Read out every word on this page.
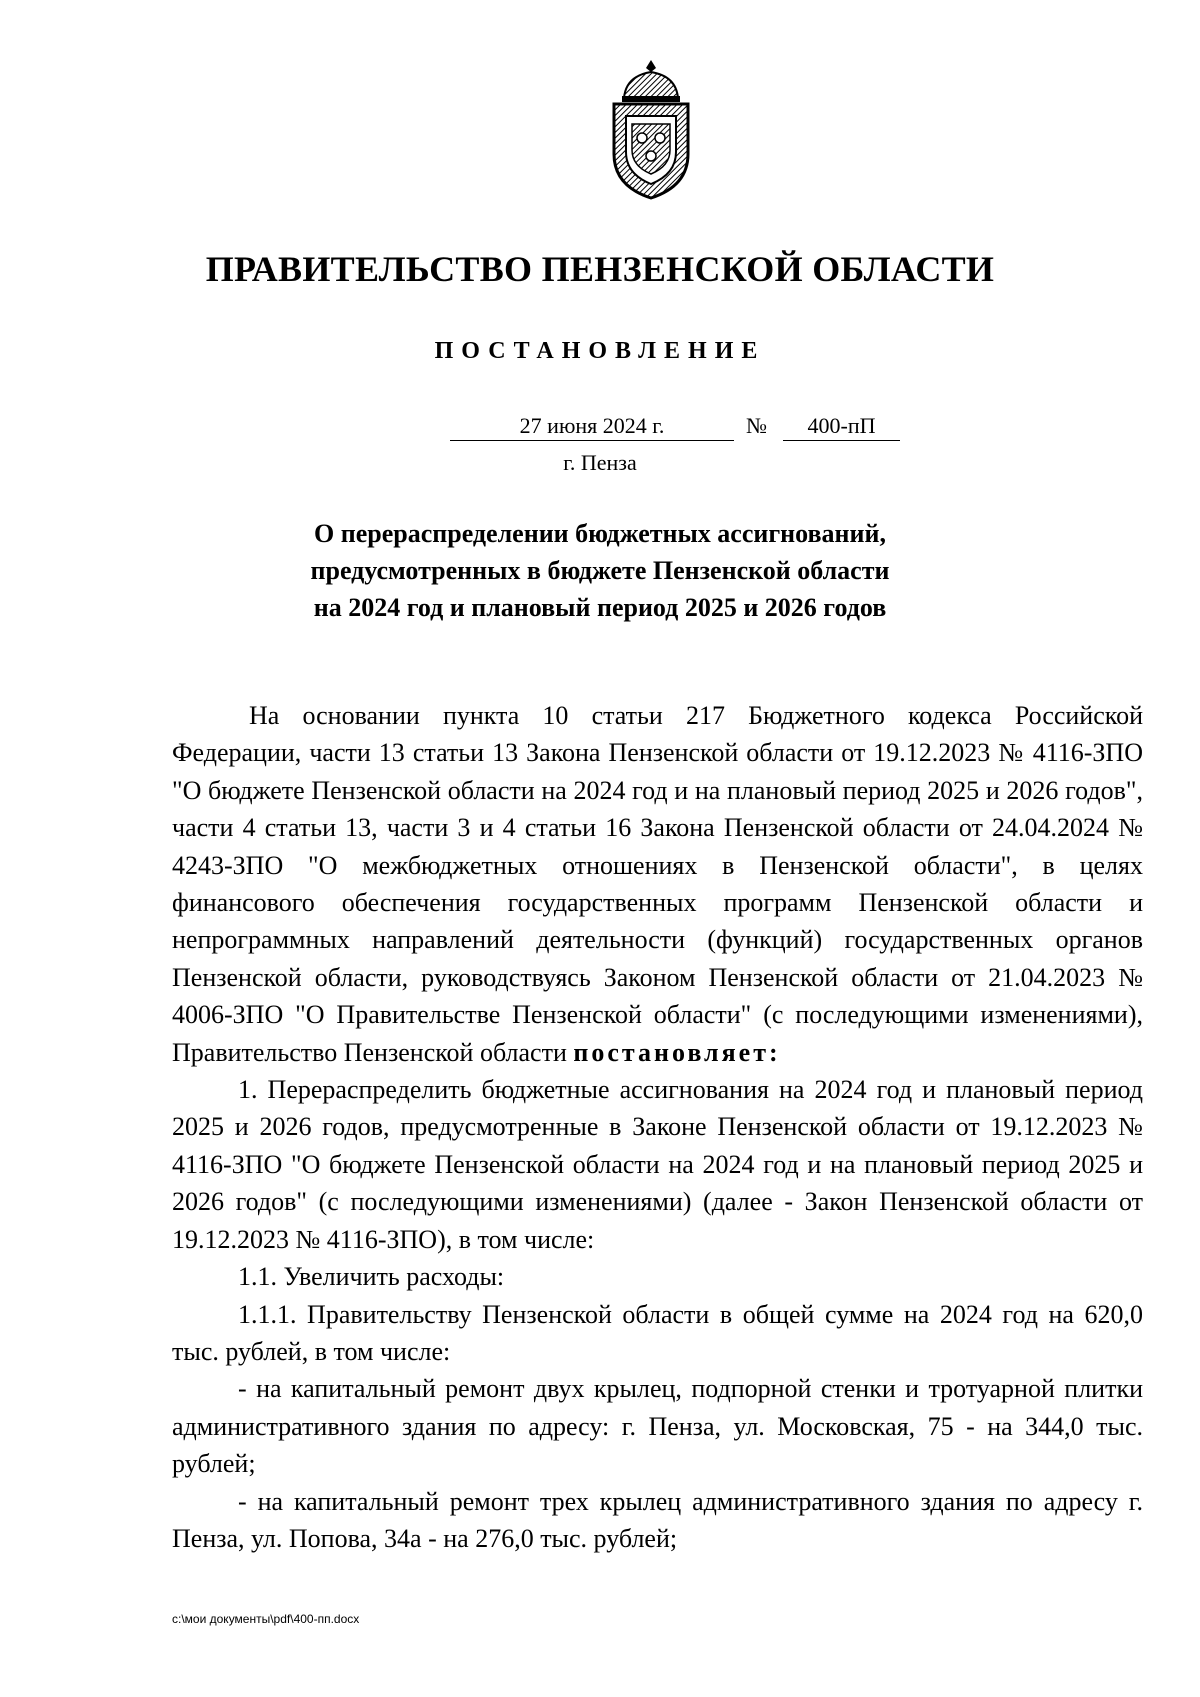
ПРАВИТЕЛЬСТВО ПЕНЗЕНСКОЙ ОБЛАСТИ
ПОСТАНОВЛЕНИЕ
27 июня 2024 г.	№	400-пП
г. Пенза
О перераспределении бюджетных ассигнований,
предусмотренных в бюджете Пензенской области
на 2024 год и плановый период 2025 и 2026 годов

На основании пункта 10 статьи 217 Бюджетного кодекса Российской Федерации, части 13 статьи 13 Закона Пензенской области от 19.12.2023 № 4116-ЗПО "О бюджете Пензенской области на 2024 год и на плановый период 2025 и 2026 годов", части 4 статьи 13, части 3 и 4 статьи 16 Закона Пензенской области от 24.04.2024 № 4243-ЗПО "О межбюджетных отношениях в Пензенской области", в целях финансового обеспечения государственных программ Пензенской области и непрограммных направлений деятельности (функций) государственных органов Пензенской области, руководствуясь Законом Пензенской области от 21.04.2023 № 4006-ЗПО "О Правительстве Пензенской области" (с последующими изменениями), Правительство Пензенской области постановляет:

1. Перераспределить бюджетные ассигнования на 2024 год и плановый период 2025 и 2026 годов, предусмотренные в Законе Пензенской области от 19.12.2023 № 4116-ЗПО "О бюджете Пензенской области на 2024 год и на плановый период 2025 и 2026 годов" (с последующими изменениями) (далее - Закон Пензенской области от 19.12.2023 № 4116-ЗПО), в том числе:

1.1. Увеличить расходы:

1.1.1. Правительству Пензенской области в общей сумме на 2024 год на 620,0 тыс. рублей, в том числе:

- на капитальный ремонт двух крылец, подпорной стенки и тротуарной плитки административного здания по адресу: г. Пенза, ул. Московская, 75 - на 344,0 тыс. рублей;

- на капитальный ремонт трех крылец административного здания по адресу г. Пенза, ул. Попова, 34а - на 276,0 тыс. рублей;

c:\мои документы\pdf\400-пп.docx
